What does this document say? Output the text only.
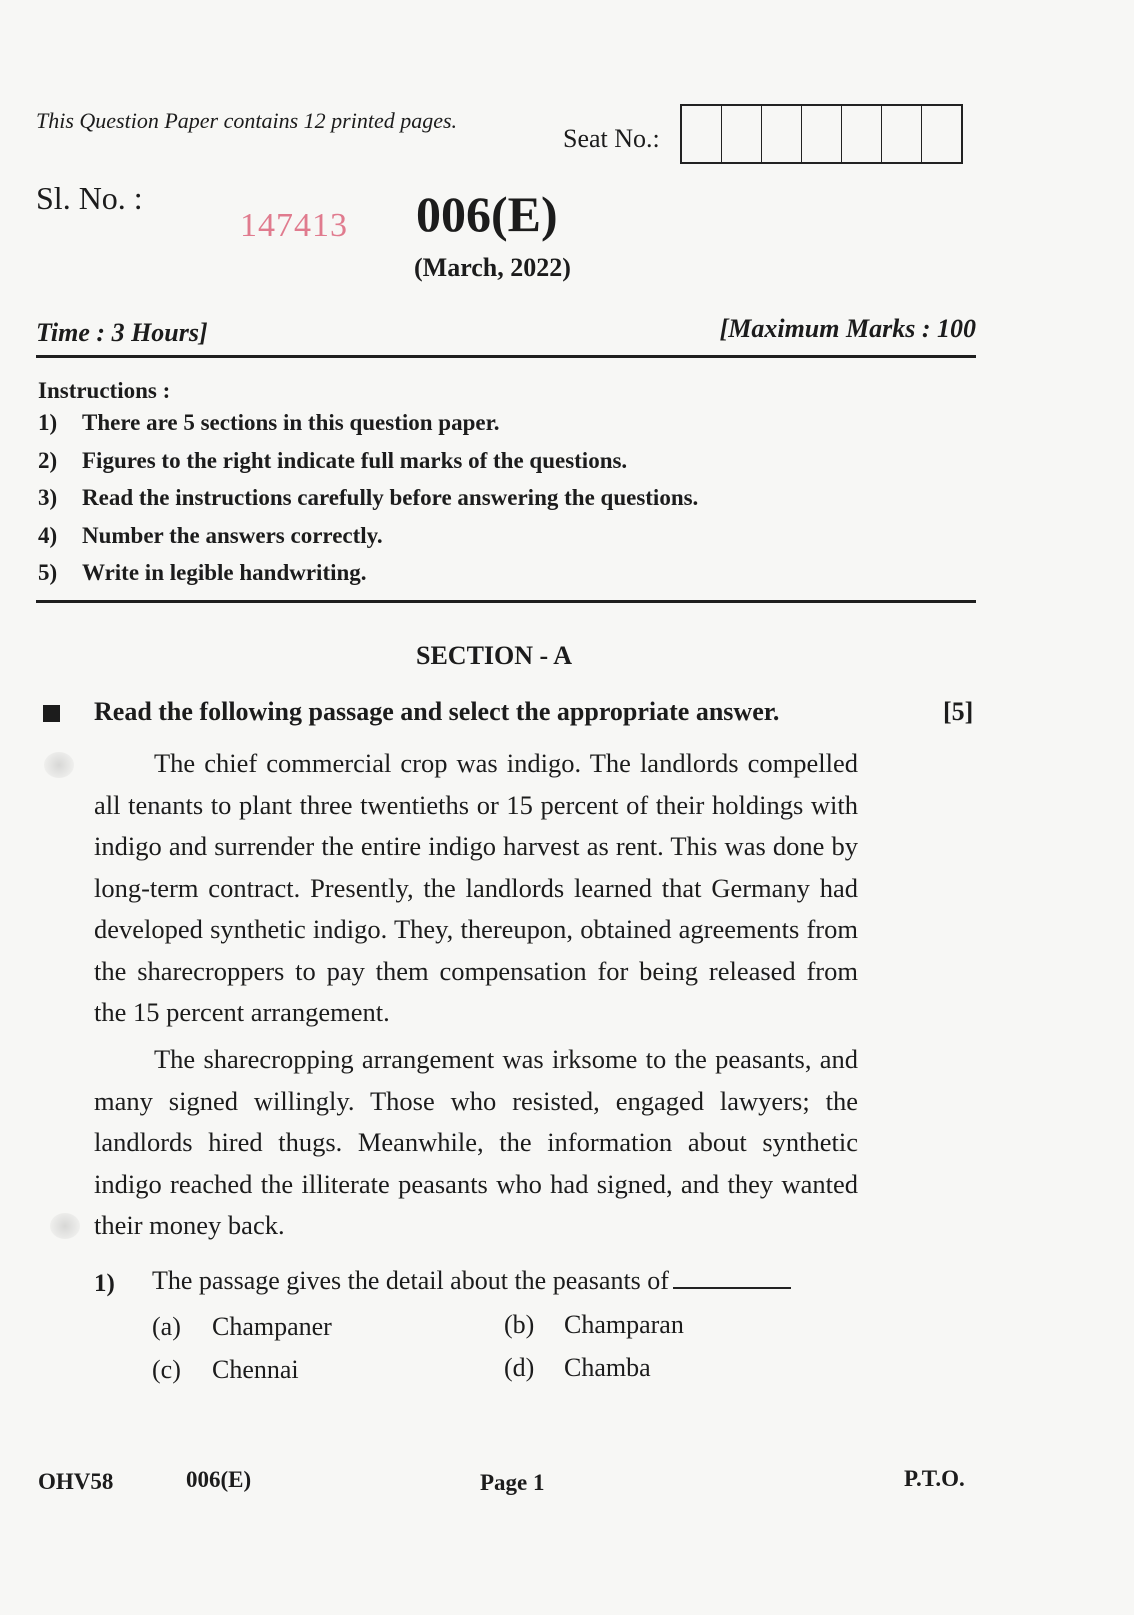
This Question Paper contains 12 printed pages.
Seat No.:
Sl. No. :
147413 006(E)
(March, 2022)
Time : 3 Hours]	[Maximum Marks : 100
Instructions :
1)	There are 5 sections in this question paper.
2)	Figures to the right indicate full marks of the questions.
3)	Read the instructions carefully before answering the questions.
4)	Number the answers correctly.
5)	Write in legible handwriting.
SECTION - A
Read the following passage and select the appropriate answer.	[5]

The chief commercial crop was indigo. The landlords compelled all tenants to plant three twentieths or 15 percent of their holdings with indigo and surrender the entire indigo harvest as rent. This was done by long-term contract. Presently, the landlords learned that Germany had developed synthetic indigo. They, thereupon, obtained agreements from the sharecroppers to pay them compensation for being released from the 15 percent arrangement.

The sharecropping arrangement was irksome to the peasants, and many signed willingly. Those who resisted, engaged lawyers; the landlords hired thugs. Meanwhile, the information about synthetic indigo reached the illiterate peasants who had signed, and they wanted their money back.

1) The passage gives the detail about the peasants of
(a) Champaner	(b) Champaran
(c) Chennai	(d) Chamba
OHV58	006(E)	Page 1	P.T.O.
